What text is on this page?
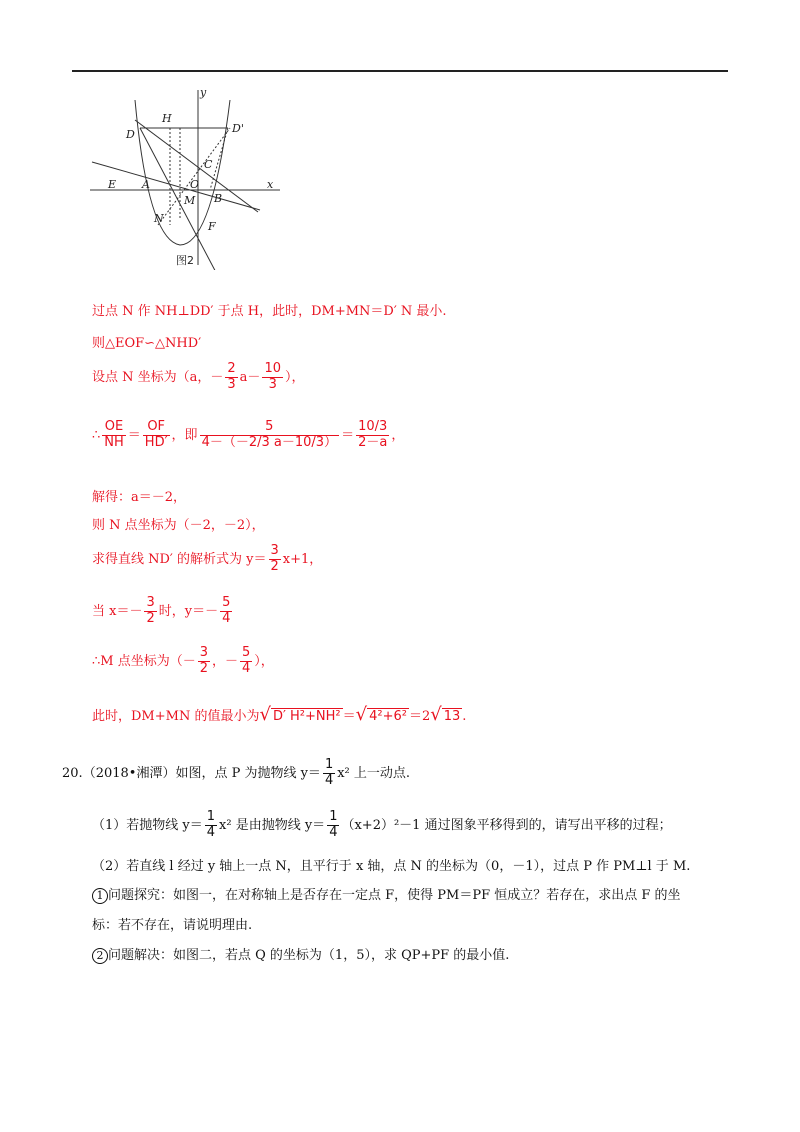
y
H
D'
D
C
E A	O
B
x
M
N
F
图2
过点 N 作 NH⊥DD′ 于点 H，此时，DM+MN＝D′ N 最小.
则△EOF∽△NHD′
设点 N 坐标为（a，－ $\frac{2}{3} a- \frac{10}{3}$ ），
∴ $\frac{OE}{NH} = \frac{OF}{HD'}$ ，即 $\frac{5}{4-(-2/3 a-10/3)} = \frac{10/3}{2-a}$ ，
解得：a＝－2，
则 N 点坐标为（－2，－2），
求得直线 ND′ 的解析式为 $y= \frac{3}{2} x+1$，
当 $x=- \frac{3}{2}$ 时，$y=- \frac{5}{4}$
∴M 点坐标为（－ $\frac{3}{2}$ ，－ $\frac{5}{4}$ ），
此时，DM+MN 的值最小为√ D′ H²+NH² ＝√ 4²+6² ＝2√ 13 .
20.（2018•湘潭）如图，点 P 为抛物线 $y= \frac{1}{4} x^2$ 上一动点.
（1）若抛物线 $y= \frac{1}{4} x^2$ 是由抛物线 $y= \frac{1}{4} (x+2)^2-1$ 通过图象平移得到的，请写出平移的过程；
（2）若直线 l 经过 y 轴上一点 N，且平行于 x 轴，点 N 的坐标为（0，－1），过点 P 作 PM⊥l 于 M.
1 问题探究：如图一，在对称轴上是否存在一定点 F，使得 PM＝PF 恒成立？若存在，求出点 F 的坐
标：若不存在，请说明理由.
2 问题解决：如图二，若点 Q 的坐标为（1，5），求 QP+PF 的最小值.
